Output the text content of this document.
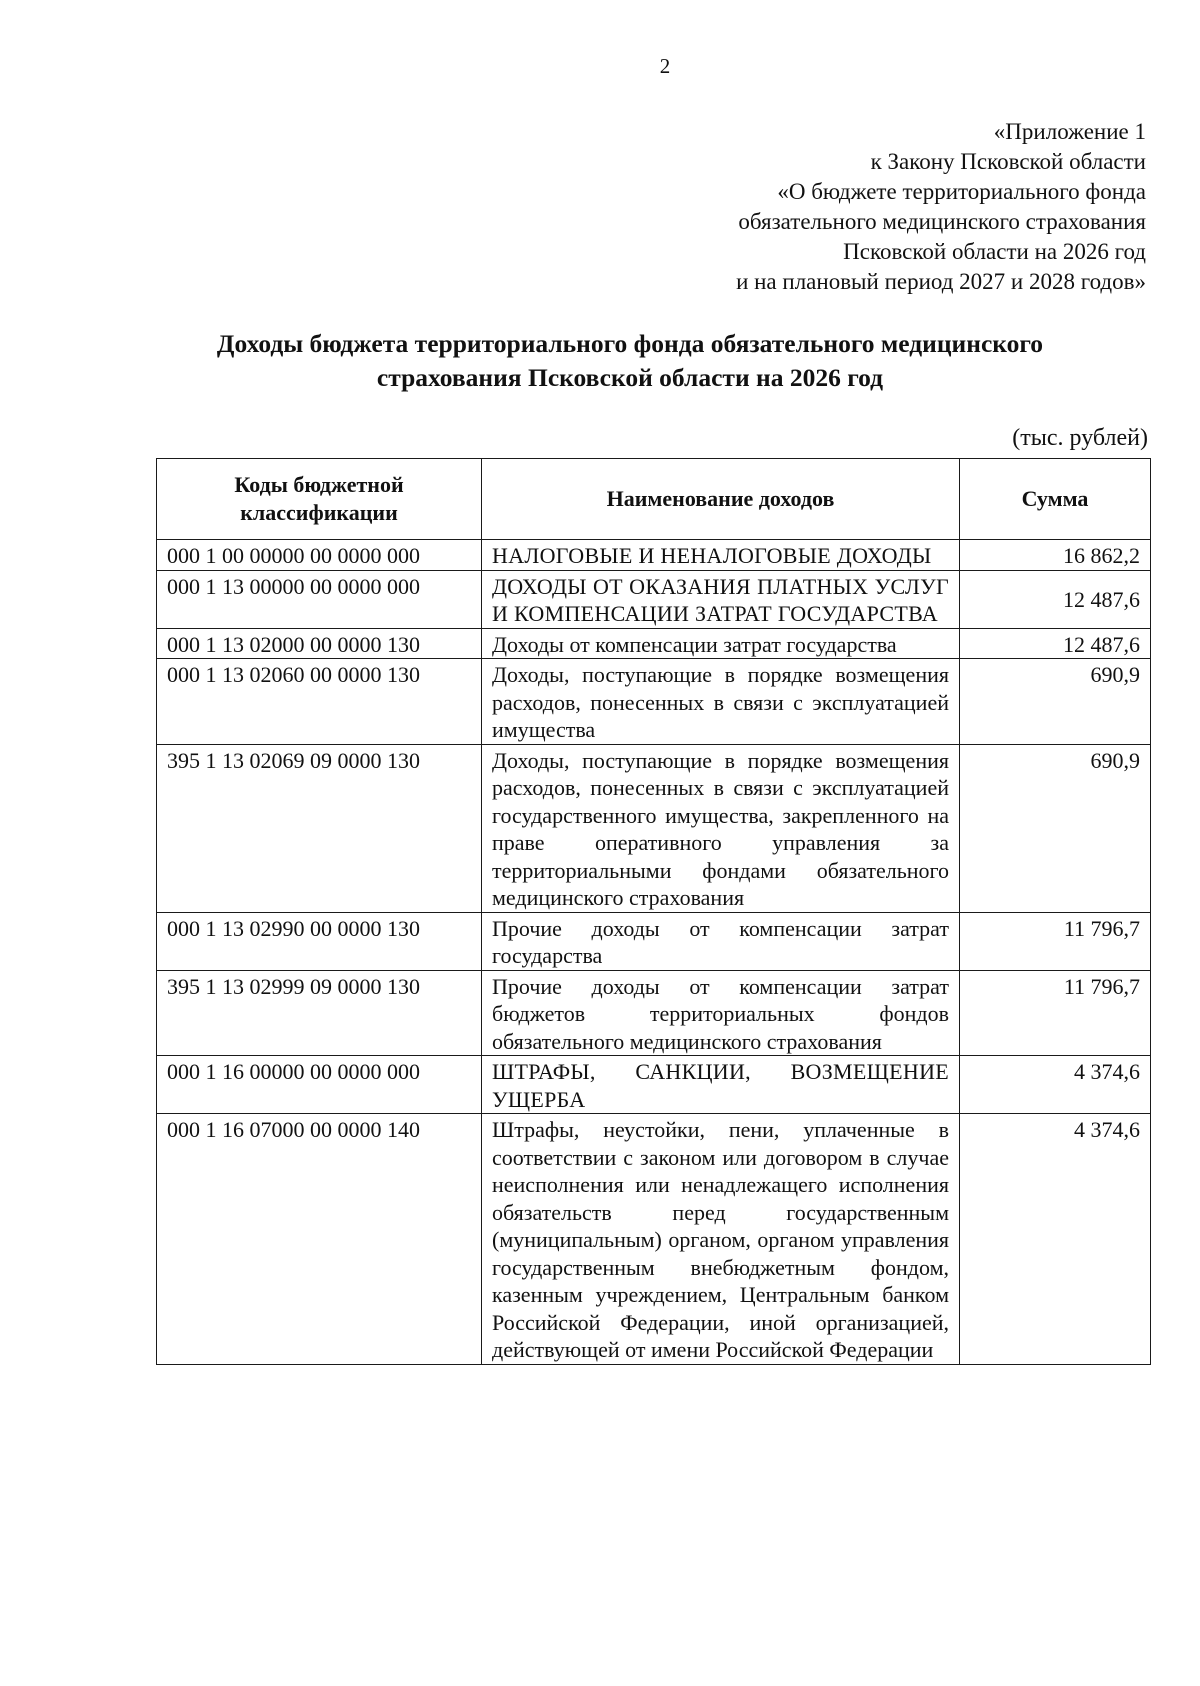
2
«Приложение 1
к Закону Псковской области
«О бюджете территориального фонда
обязательного медицинского страхования
Псковской области на 2026 год
и на плановый период 2027 и 2028 годов»
Доходы бюджета территориального фонда обязательного медицинского
страхования Псковской области на 2026 год
(тыс. рублей)
Коды бюджетной классификации	Наименование доходов	Сумма
000 1 00 00000 00 0000 000	НАЛОГОВЫЕ И НЕНАЛОГОВЫЕ ДОХОДЫ	16 862,2
000 1 13 00000 00 0000 000	ДОХОДЫ ОТ ОКАЗАНИЯ ПЛАТНЫХ УСЛУГ И КОМПЕНСАЦИИ ЗАТРАТ ГОСУДАРСТВА	12 487,6
000 1 13 02000 00 0000 130	Доходы от компенсации затрат государства	12 487,6
000 1 13 02060 00 0000 130	Доходы, поступающие в порядке возмещения расходов, понесенных в связи с эксплуатацией имущества	690,9
395 1 13 02069 09 0000 130	Доходы, поступающие в порядке возмещения расходов, понесенных в связи с эксплуатацией государственного имущества, закрепленного на праве оперативного управления за территориальными фондами обязательного медицинского страхования	690,9
000 1 13 02990 00 0000 130	Прочие доходы от компенсации затрат государства	11 796,7
395 1 13 02999 09 0000 130	Прочие доходы от компенсации затрат бюджетов территориальных фондов обязательного медицинского страхования	11 796,7
000 1 16 00000 00 0000 000	ШТРАФЫ, САНКЦИИ, ВОЗМЕЩЕНИЕ УЩЕРБА	4 374,6
000 1 16 07000 00 0000 140	Штрафы, неустойки, пени, уплаченные в соответствии с законом или договором в случае неисполнения или ненадлежащего исполнения обязательств перед государственным (муниципальным) органом, органом управления государственным внебюджетным фондом, казенным учреждением, Центральным банком Российской Федерации, иной организацией, действующей от имени Российской Федерации	4 374,6
